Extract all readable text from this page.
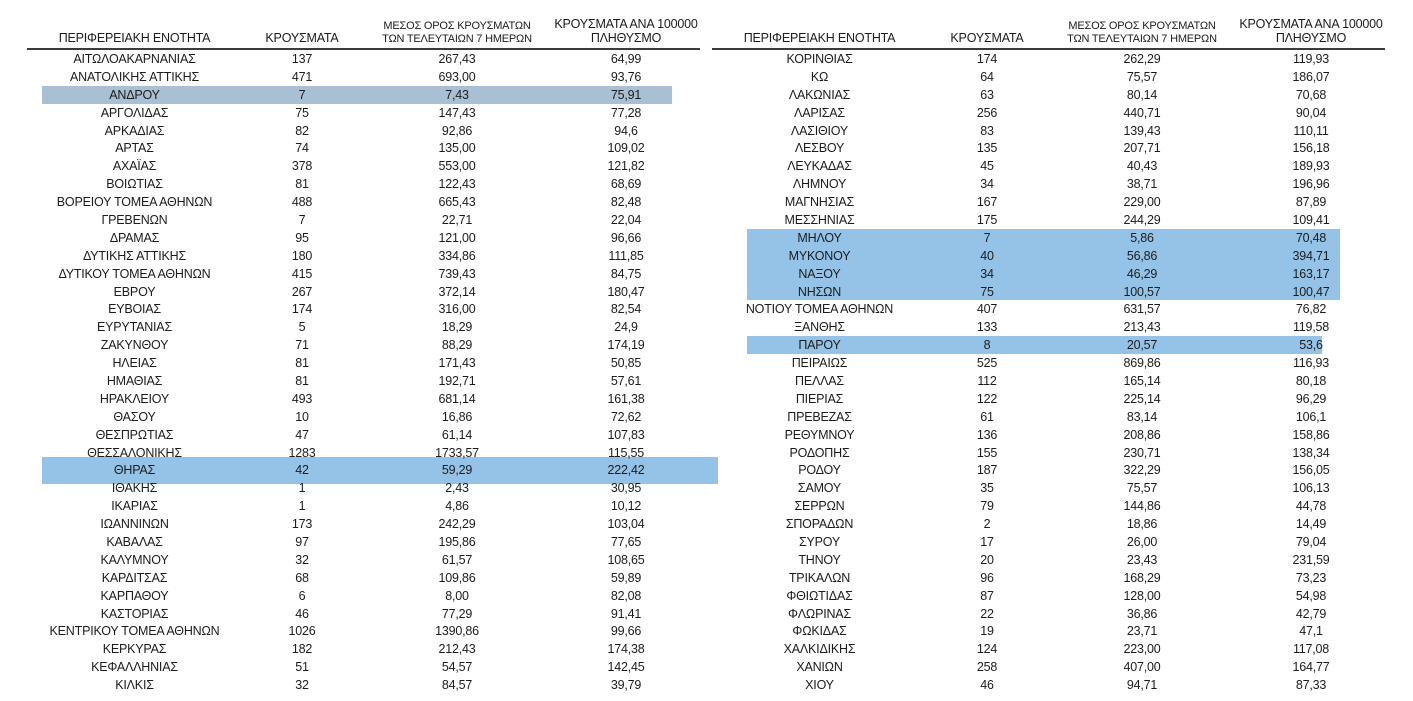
ΠΕΡΙΦΕΡΕΙΑΚΗ ΕΝΟΤΗΤΑ	ΚΡΟΥΣΜΑΤΑ
ΜΕΣΟΣ ΟΡΟΣ ΚΡΟΥΣΜΑΤΩΝ
ΤΩΝ ΤΕΛΕΥΤΑΙΩΝ 7 ΗΜΕΡΩΝ
ΚΡΟΥΣΜΑΤΑ ΑΝΑ 100000
ΠΛΗΘΥΣΜΟ
ΑΙΤΩΛΟΑΚΑΡΝΑΝΙΑΣ	137	267,43	64,99
ΑΝΑΤΟΛΙΚΗΣ ΑΤΤΙΚΗΣ	471	693,00	93,76
ΑΝΔΡΟΥ	7	7,43	75,91
ΑΡΓΟΛΙΔΑΣ	75	147,43	77,28
ΑΡΚΑΔΙΑΣ	82	92,86	94,6
ΑΡΤΑΣ	74	135,00	109,02
ΑΧΑΪΑΣ	378	553,00	121,82
ΒΟΙΩΤΙΑΣ	81	122,43	68,69
ΒΟΡΕΙΟΥ ΤΟΜΕΑ ΑΘΗΝΩΝ	488	665,43	82,48
ΓΡΕΒΕΝΩΝ	7	22,71	22,04
ΔΡΑΜΑΣ	95	121,00	96,66
ΔΥΤΙΚΗΣ ΑΤΤΙΚΗΣ	180	334,86	111,85
ΔΥΤΙΚΟΥ ΤΟΜΕΑ ΑΘΗΝΩΝ	415	739,43	84,75
ΕΒΡΟΥ	267	372,14	180,47
ΕΥΒΟΙΑΣ	174	316,00	82,54
ΕΥΡΥΤΑΝΙΑΣ	5	18,29	24,9
ΖΑΚΥΝΘΟΥ	71	88,29	174,19
ΗΛΕΙΑΣ	81	171,43	50,85
ΗΜΑΘΙΑΣ	81	192,71	57,61
ΗΡΑΚΛΕΙΟΥ	493	681,14	161,38
ΘΑΣΟΥ	10	16,86	72,62
ΘΕΣΠΡΩΤΙΑΣ	47	61,14	107,83
ΘΕΣΣΑΛΟΝΙΚΗΣ	1283	1733,57	115,55
ΘΗΡΑΣ	42	59,29	222,42
ΙΘΑΚΗΣ	1	2,43	30,95
ΙΚΑΡΙΑΣ	1	4,86	10,12
ΙΩΑΝΝΙΝΩΝ	173	242,29	103,04
ΚΑΒΑΛΑΣ	97	195,86	77,65
ΚΑΛΥΜΝΟΥ	32	61,57	108,65
ΚΑΡΔΙΤΣΑΣ	68	109,86	59,89
ΚΑΡΠΑΘΟΥ	6	8,00	82,08
ΚΑΣΤΟΡΙΑΣ	46	77,29	91,41
ΚΕΝΤΡΙΚΟΥ ΤΟΜΕΑ ΑΘΗΝΩΝ	1026	1390,86	99,66
ΚΕΡΚΥΡΑΣ	182	212,43	174,38
ΚΕΦΑΛΛΗΝΙΑΣ	51	54,57	142,45
ΚΙΛΚΙΣ	32	84,57	39,79
ΠΕΡΙΦΕΡΕΙΑΚΗ ΕΝΟΤΗΤΑ	ΚΡΟΥΣΜΑΤΑ
ΜΕΣΟΣ ΟΡΟΣ ΚΡΟΥΣΜΑΤΩΝ
ΤΩΝ ΤΕΛΕΥΤΑΙΩΝ 7 ΗΜΕΡΩΝ
ΚΡΟΥΣΜΑΤΑ ΑΝΑ 100000
ΠΛΗΘΥΣΜΟ
ΚΟΡΙΝΘΙΑΣ	174	262,29	119,93
ΚΩ	64	75,57	186,07
ΛΑΚΩΝΙΑΣ	63	80,14	70,68
ΛΑΡΙΣΑΣ	256	440,71	90,04
ΛΑΣΙΘΙΟΥ	83	139,43	110,11
ΛΕΣΒΟΥ	135	207,71	156,18
ΛΕΥΚΑΔΑΣ	45	40,43	189,93
ΛΗΜΝΟΥ	34	38,71	196,96
ΜΑΓΝΗΣΙΑΣ	167	229,00	87,89
ΜΕΣΣΗΝΙΑΣ	175	244,29	109,41
ΜΗΛΟΥ	7	5,86	70,48
ΜΥΚΟΝΟΥ	40	56,86	394,71
ΝΑΞΟΥ	34	46,29	163,17
ΝΗΣΩΝ	75	100,57	100,47
ΝΟΤΙΟΥ ΤΟΜΕΑ ΑΘΗΝΩΝ	407	631,57	76,82
ΞΑΝΘΗΣ	133	213,43	119,58
ΠΑΡΟΥ	8	20,57	53,6
ΠΕΙΡΑΙΩΣ	525	869,86	116,93
ΠΕΛΛΑΣ	112	165,14	80,18
ΠΙΕΡΙΑΣ	122	225,14	96,29
ΠΡΕΒΕΖΑΣ	61	83,14	106,1
ΡΕΘΥΜΝΟΥ	136	208,86	158,86
ΡΟΔΟΠΗΣ	155	230,71	138,34
ΡΟΔΟΥ	187	322,29	156,05
ΣΑΜΟΥ	35	75,57	106,13
ΣΕΡΡΩΝ	79	144,86	44,78
ΣΠΟΡΑΔΩΝ	2	18,86	14,49
ΣΥΡΟΥ	17	26,00	79,04
ΤΗΝΟΥ	20	23,43	231,59
ΤΡΙΚΑΛΩΝ	96	168,29	73,23
ΦΘΙΩΤΙΔΑΣ	87	128,00	54,98
ΦΛΩΡΙΝΑΣ	22	36,86	42,79
ΦΩΚΙΔΑΣ	19	23,71	47,1
ΧΑΛΚΙΔΙΚΗΣ	124	223,00	117,08
ΧΑΝΙΩΝ	258	407,00	164,77
ΧΙΟΥ	46	94,71	87,33
